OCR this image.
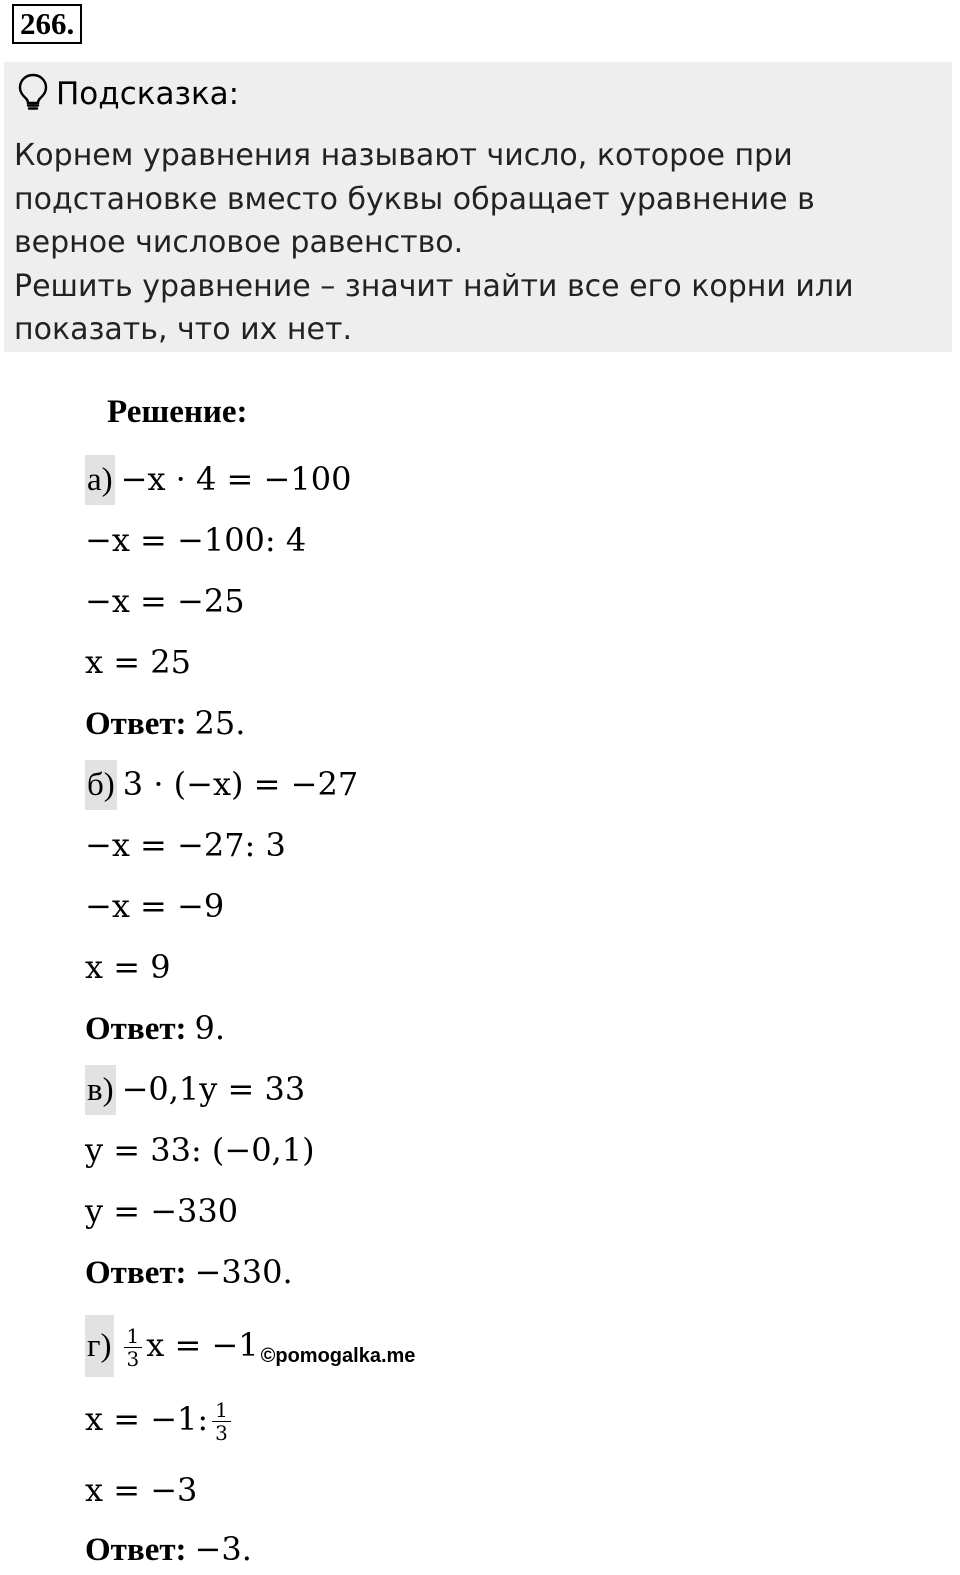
266.
Подсказка:

Корнем уравнения называют число, которое при подстановке вместо буквы обращает уравнение в верное числовое равенство.

Решить уравнение – значит найти все его корни или показать, что их нет.

Решение:
а) −x · 4 = −100
−x = −100: 4
−x = −25
x = 25
Ответ: 25.
б) 3 · (−x) = −27
−x = −27: 3
−x = −9
x = 9
Ответ: 9.
в) −0,1y = 33
y = 33: (−0,1)
y = −330
Ответ: −330.
$г) \frac{1}{3}$ x = −1 ©pomogalka.me
x = −1: $\frac{1}{3}$
x = −3
Ответ: −3.
